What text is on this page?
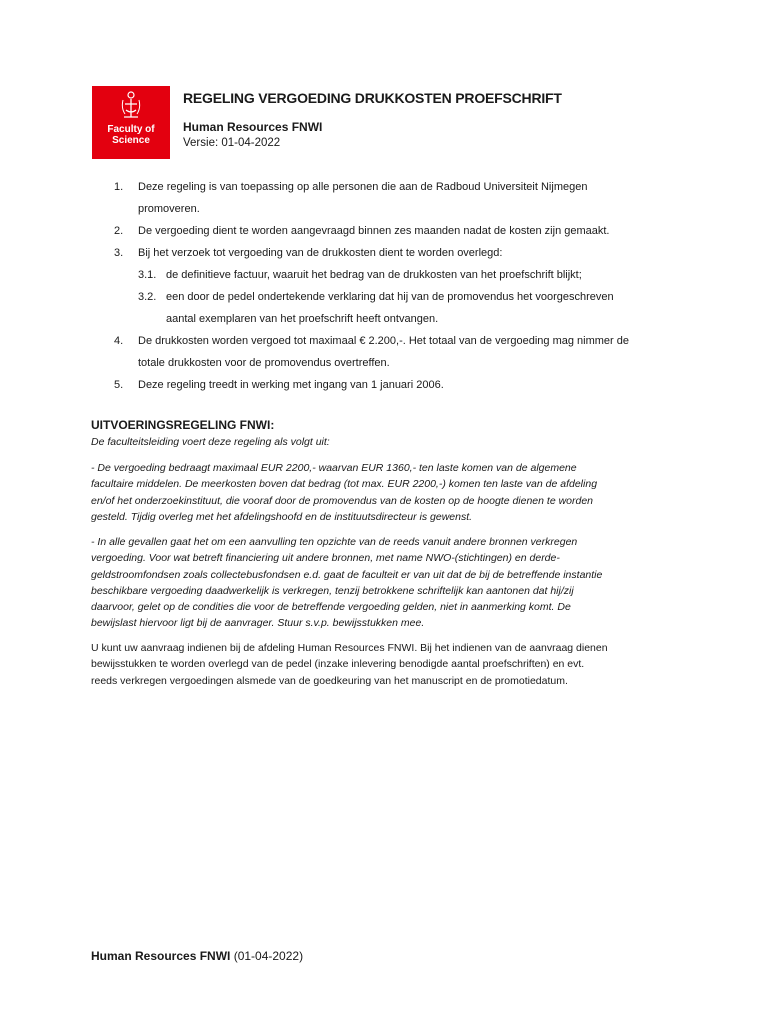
Faculty of
Science
REGELING VERGOEDING DRUKKOSTEN PROEFSCHRIFT
Human Resources FNWI
Versie: 01-04-2022
1. Deze regeling is van toepassing op alle personen die aan de Radboud Universiteit Nijmegen
promoveren.
2. De vergoeding dient te worden aangevraagd binnen zes maanden nadat de kosten zijn gemaakt.
3. Bij het verzoek tot vergoeding van de drukkosten dient te worden overlegd:
3.1. de definitieve factuur, waaruit het bedrag van de drukkosten van het proefschrift blijkt;
3.2. een door de pedel ondertekende verklaring dat hij van de promovendus het voorgeschreven
aantal exemplaren van het proefschrift heeft ontvangen.
4. De drukkosten worden vergoed tot maximaal € 2.200,-. Het totaal van de vergoeding mag nimmer de
totale drukkosten voor de promovendus overtreffen.
5. Deze regeling treedt in werking met ingang van 1 januari 2006.
UITVOERINGSREGELING FNWI:
De faculteitsleiding voert deze regeling als volgt uit:
- De vergoeding bedraagt maximaal EUR 2200,- waarvan EUR 1360,- ten laste komen van de algemene
facultaire middelen. De meerkosten boven dat bedrag (tot max. EUR 2200,-) komen ten laste van de afdeling
en/of het onderzoekinstituut, die vooraf door de promovendus van de kosten op de hoogte dienen te worden
gesteld. Tijdig overleg met het afdelingshoofd en de instituutsdirecteur is gewenst.
- In alle gevallen gaat het om een aanvulling ten opzichte van de reeds vanuit andere bronnen verkregen
vergoeding. Voor wat betreft financiering uit andere bronnen, met name NWO-(stichtingen) en derde-
geldstroomfondsen zoals collectebusfondsen e.d. gaat de faculteit er van uit dat de bij de betreffende instantie
beschikbare vergoeding daadwerkelijk is verkregen, tenzij betrokkene schriftelijk kan aantonen dat hij/zij
daarvoor, gelet op de condities die voor de betreffende vergoeding gelden, niet in aanmerking komt. De
bewijslast hiervoor ligt bij de aanvrager. Stuur s.v.p. bewijsstukken mee.
U kunt uw aanvraag indienen bij de afdeling Human Resources FNWI. Bij het indienen van de aanvraag dienen
bewijsstukken te worden overlegd van de pedel (inzake inlevering benodigde aantal proefschriften) en evt.
reeds verkregen vergoedingen alsmede van de goedkeuring van het manuscript en de promotiedatum.
Human Resources FNWI (01-04-2022)
